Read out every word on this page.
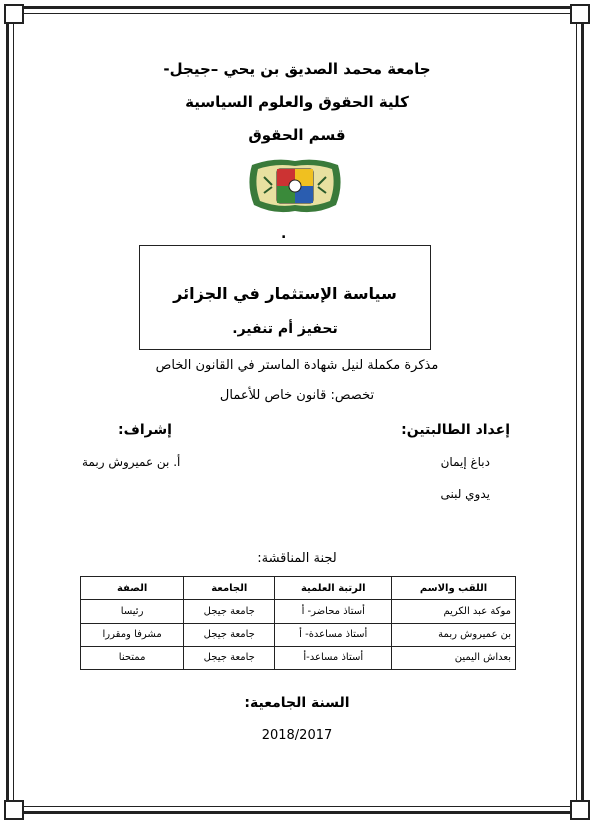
جامعة محمد الصديق بن يحي –جيجل-
كلية الحقوق والعلوم السياسية
قسم الحقوق
.
سياسة الإستثمار في الجزائر
تحفيز أم تنفير.
مذكرة مكملة لنيل شهادة الماستر في القانون الخاص
تخصص: قانون خاص للأعمال
إعداد الطالبتين:
إشراف:
دباغ إيمان
أ. بن عميروش ربمة
يدوي لبنى
لجنة المناقشة:
اللقب والاسم	الرتبة العلمية	الجامعة	الصفة
موكة عبد الكريم	أستاذ محاضر- أ	جامعة جيجل	رئيسا
بن عميروش ربمة	أستاذ مساعدة- أ	جامعة جيجل	مشرفا ومقررا
بعداش اليمين	أستاذ مساعد-أ	جامعة جيجل	ممتحنا
السنة الجامعية:
2018/2017
